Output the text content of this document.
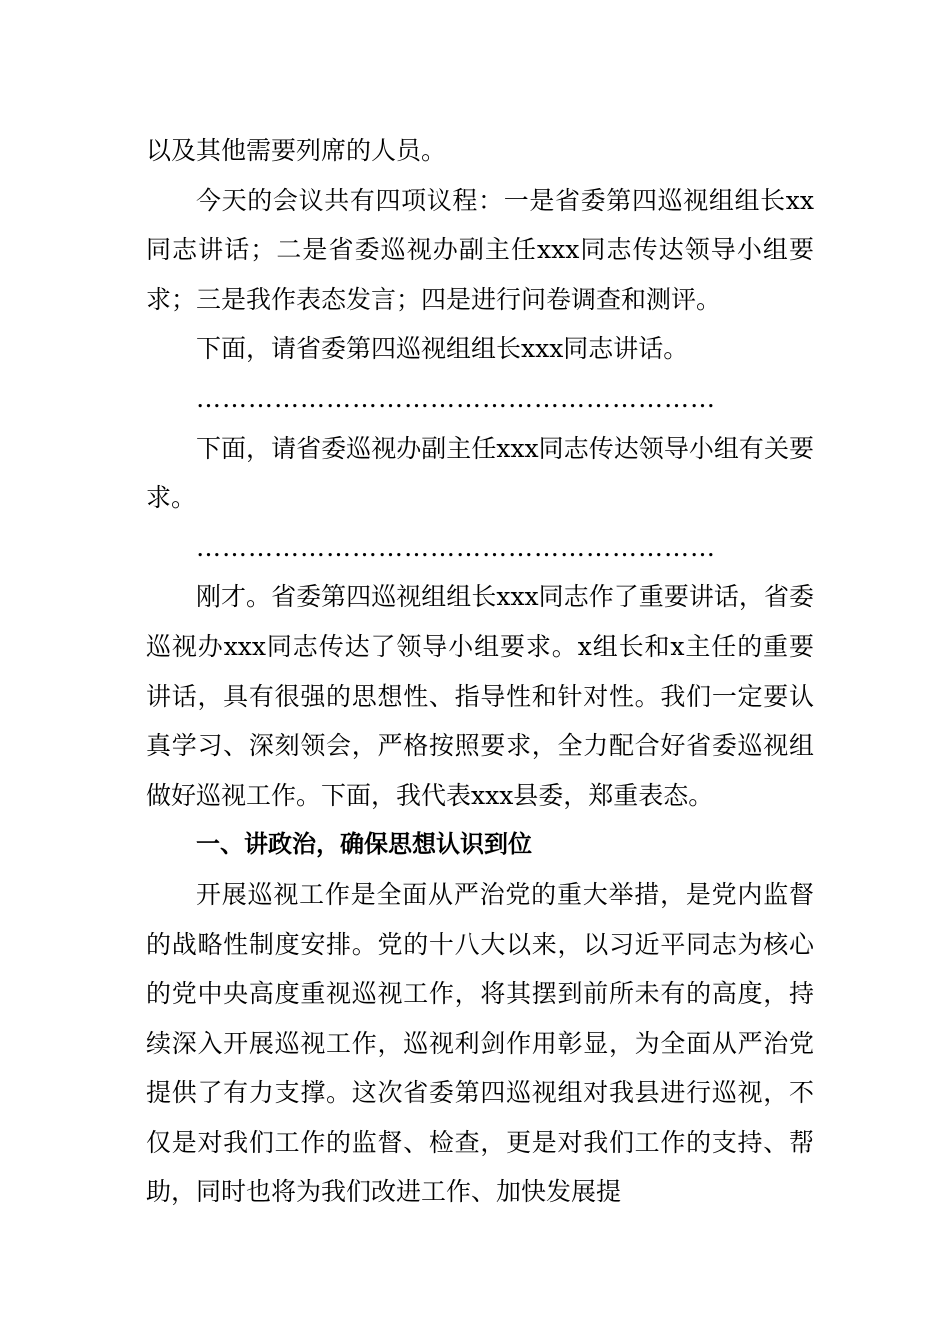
以及其他需要列席的人员。

今天的会议共有四项议程：一是省委第四巡视组组长xx同志讲话；二是省委巡视办副主任xxx同志传达领导小组要求；三是我作表态发言；四是进行问卷调查和测评。

下面，请省委第四巡视组组长xxx同志讲话。

……………………………………………………

下面，请省委巡视办副主任xxx同志传达领导小组有关要求。

……………………………………………………

刚才。省委第四巡视组组长xxx同志作了重要讲话，省委巡视办xxx同志传达了领导小组要求。x组长和x主任的重要讲话，具有很强的思想性、指导性和针对性。我们一定要认真学习、深刻领会，严格按照要求，全力配合好省委巡视组做好巡视工作。下面，我代表xxx县委，郑重表态。

一、讲政治，确保思想认识到位

开展巡视工作是全面从严治党的重大举措，是党内监督的战略性制度安排。党的十八大以来，以习近平同志为核心的党中央高度重视巡视工作，将其摆到前所未有的高度，持续深入开展巡视工作，巡视利剑作用彰显，为全面从严治党提供了有力支撑。这次省委第四巡视组对我县进行巡视，不仅是对我们工作的监督、检查，更是对我们工作的支持、帮助，同时也将为我们改进工作、加快发展提
